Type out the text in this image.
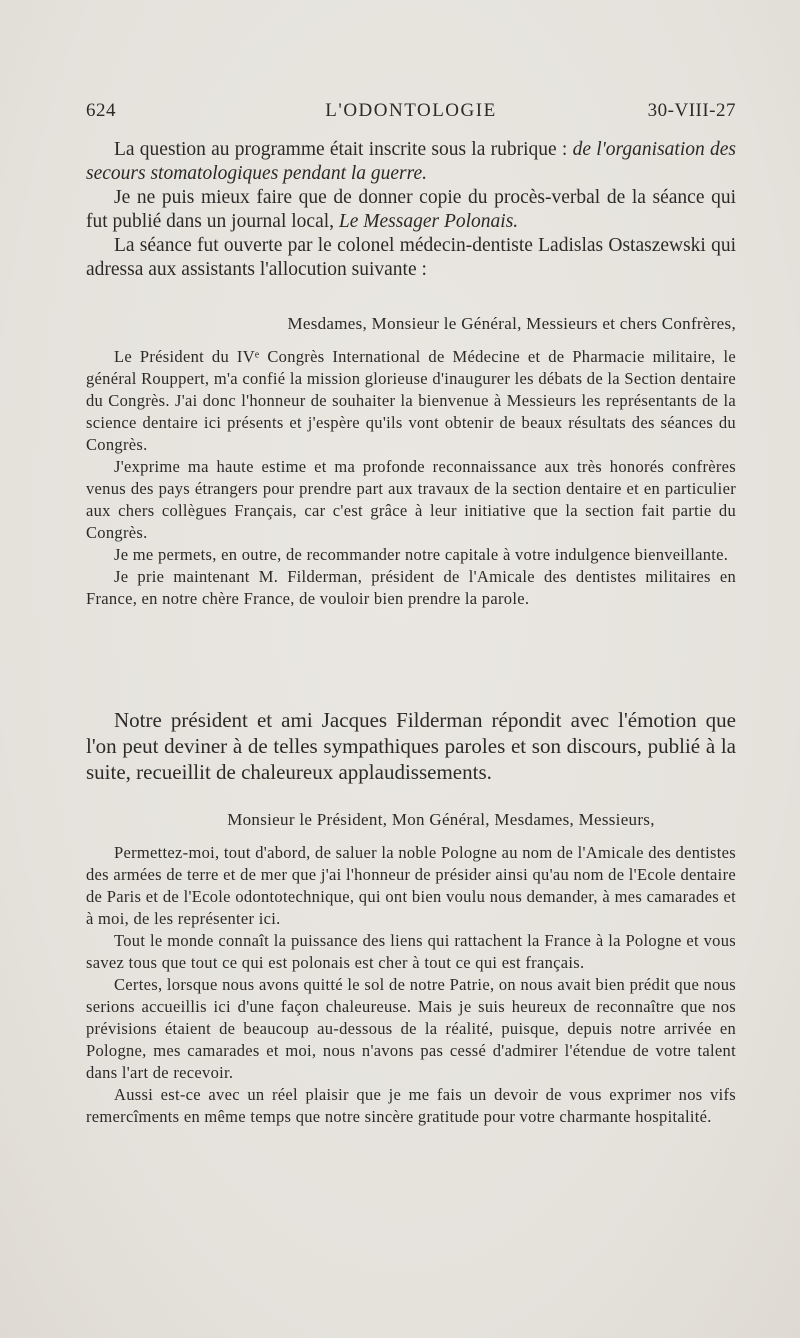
624	L'ODONTOLOGIE	30-VIII-27

La question au programme était inscrite sous la rubrique : de l'organisation des secours stomatologiques pendant la guerre.

Je ne puis mieux faire que de donner copie du procès-verbal de la séance qui fut publié dans un journal local, Le Messager Polonais.

La séance fut ouverte par le colonel médecin-dentiste Ladislas Ostaszewski qui adressa aux assistants l'allocution suivante :

Mesdames, Monsieur le Général, Messieurs et chers Confrères,

Le Président du IVᵉ Congrès International de Médecine et de Pharmacie militaire, le général Rouppert, m'a confié la mission glorieuse d'inaugurer les débats de la Section dentaire du Congrès. J'ai donc l'honneur de souhaiter la bienvenue à Messieurs les représentants de la science dentaire ici présents et j'espère qu'ils vont obtenir de beaux résultats des séances du Congrès.

J'exprime ma haute estime et ma profonde reconnaissance aux très honorés confrères venus des pays étrangers pour prendre part aux travaux de la section dentaire et en particulier aux chers collègues Français, car c'est grâce à leur initiative que la section fait partie du Congrès.

Je me permets, en outre, de recommander notre capitale à votre indulgence bienveillante.

Je prie maintenant M. Filderman, président de l'Amicale des dentistes militaires en France, en notre chère France, de vouloir bien prendre la parole.

Notre président et ami Jacques Filderman répondit avec l'émotion que l'on peut deviner à de telles sympathiques paroles et son discours, publié à la suite, recueillit de chaleureux applaudissements.

Monsieur le Président, Mon Général, Mesdames, Messieurs,

Permettez-moi, tout d'abord, de saluer la noble Pologne au nom de l'Amicale des dentistes des armées de terre et de mer que j'ai l'honneur de présider ainsi qu'au nom de l'Ecole dentaire de Paris et de l'Ecole odontotechnique, qui ont bien voulu nous demander, à mes camarades et à moi, de les représenter ici.

Tout le monde connaît la puissance des liens qui rattachent la France à la Pologne et vous savez tous que tout ce qui est polonais est cher à tout ce qui est français.

Certes, lorsque nous avons quitté le sol de notre Patrie, on nous avait bien prédit que nous serions accueillis ici d'une façon chaleureuse. Mais je suis heureux de reconnaître que nos prévisions étaient de beaucoup au-dessous de la réalité, puisque, depuis notre arrivée en Pologne, mes camarades et moi, nous n'avons pas cessé d'admirer l'étendue de votre talent dans l'art de recevoir.

Aussi est-ce avec un réel plaisir que je me fais un devoir de vous exprimer nos vifs remercîments en même temps que notre sincère gratitude pour votre charmante hospitalité.
